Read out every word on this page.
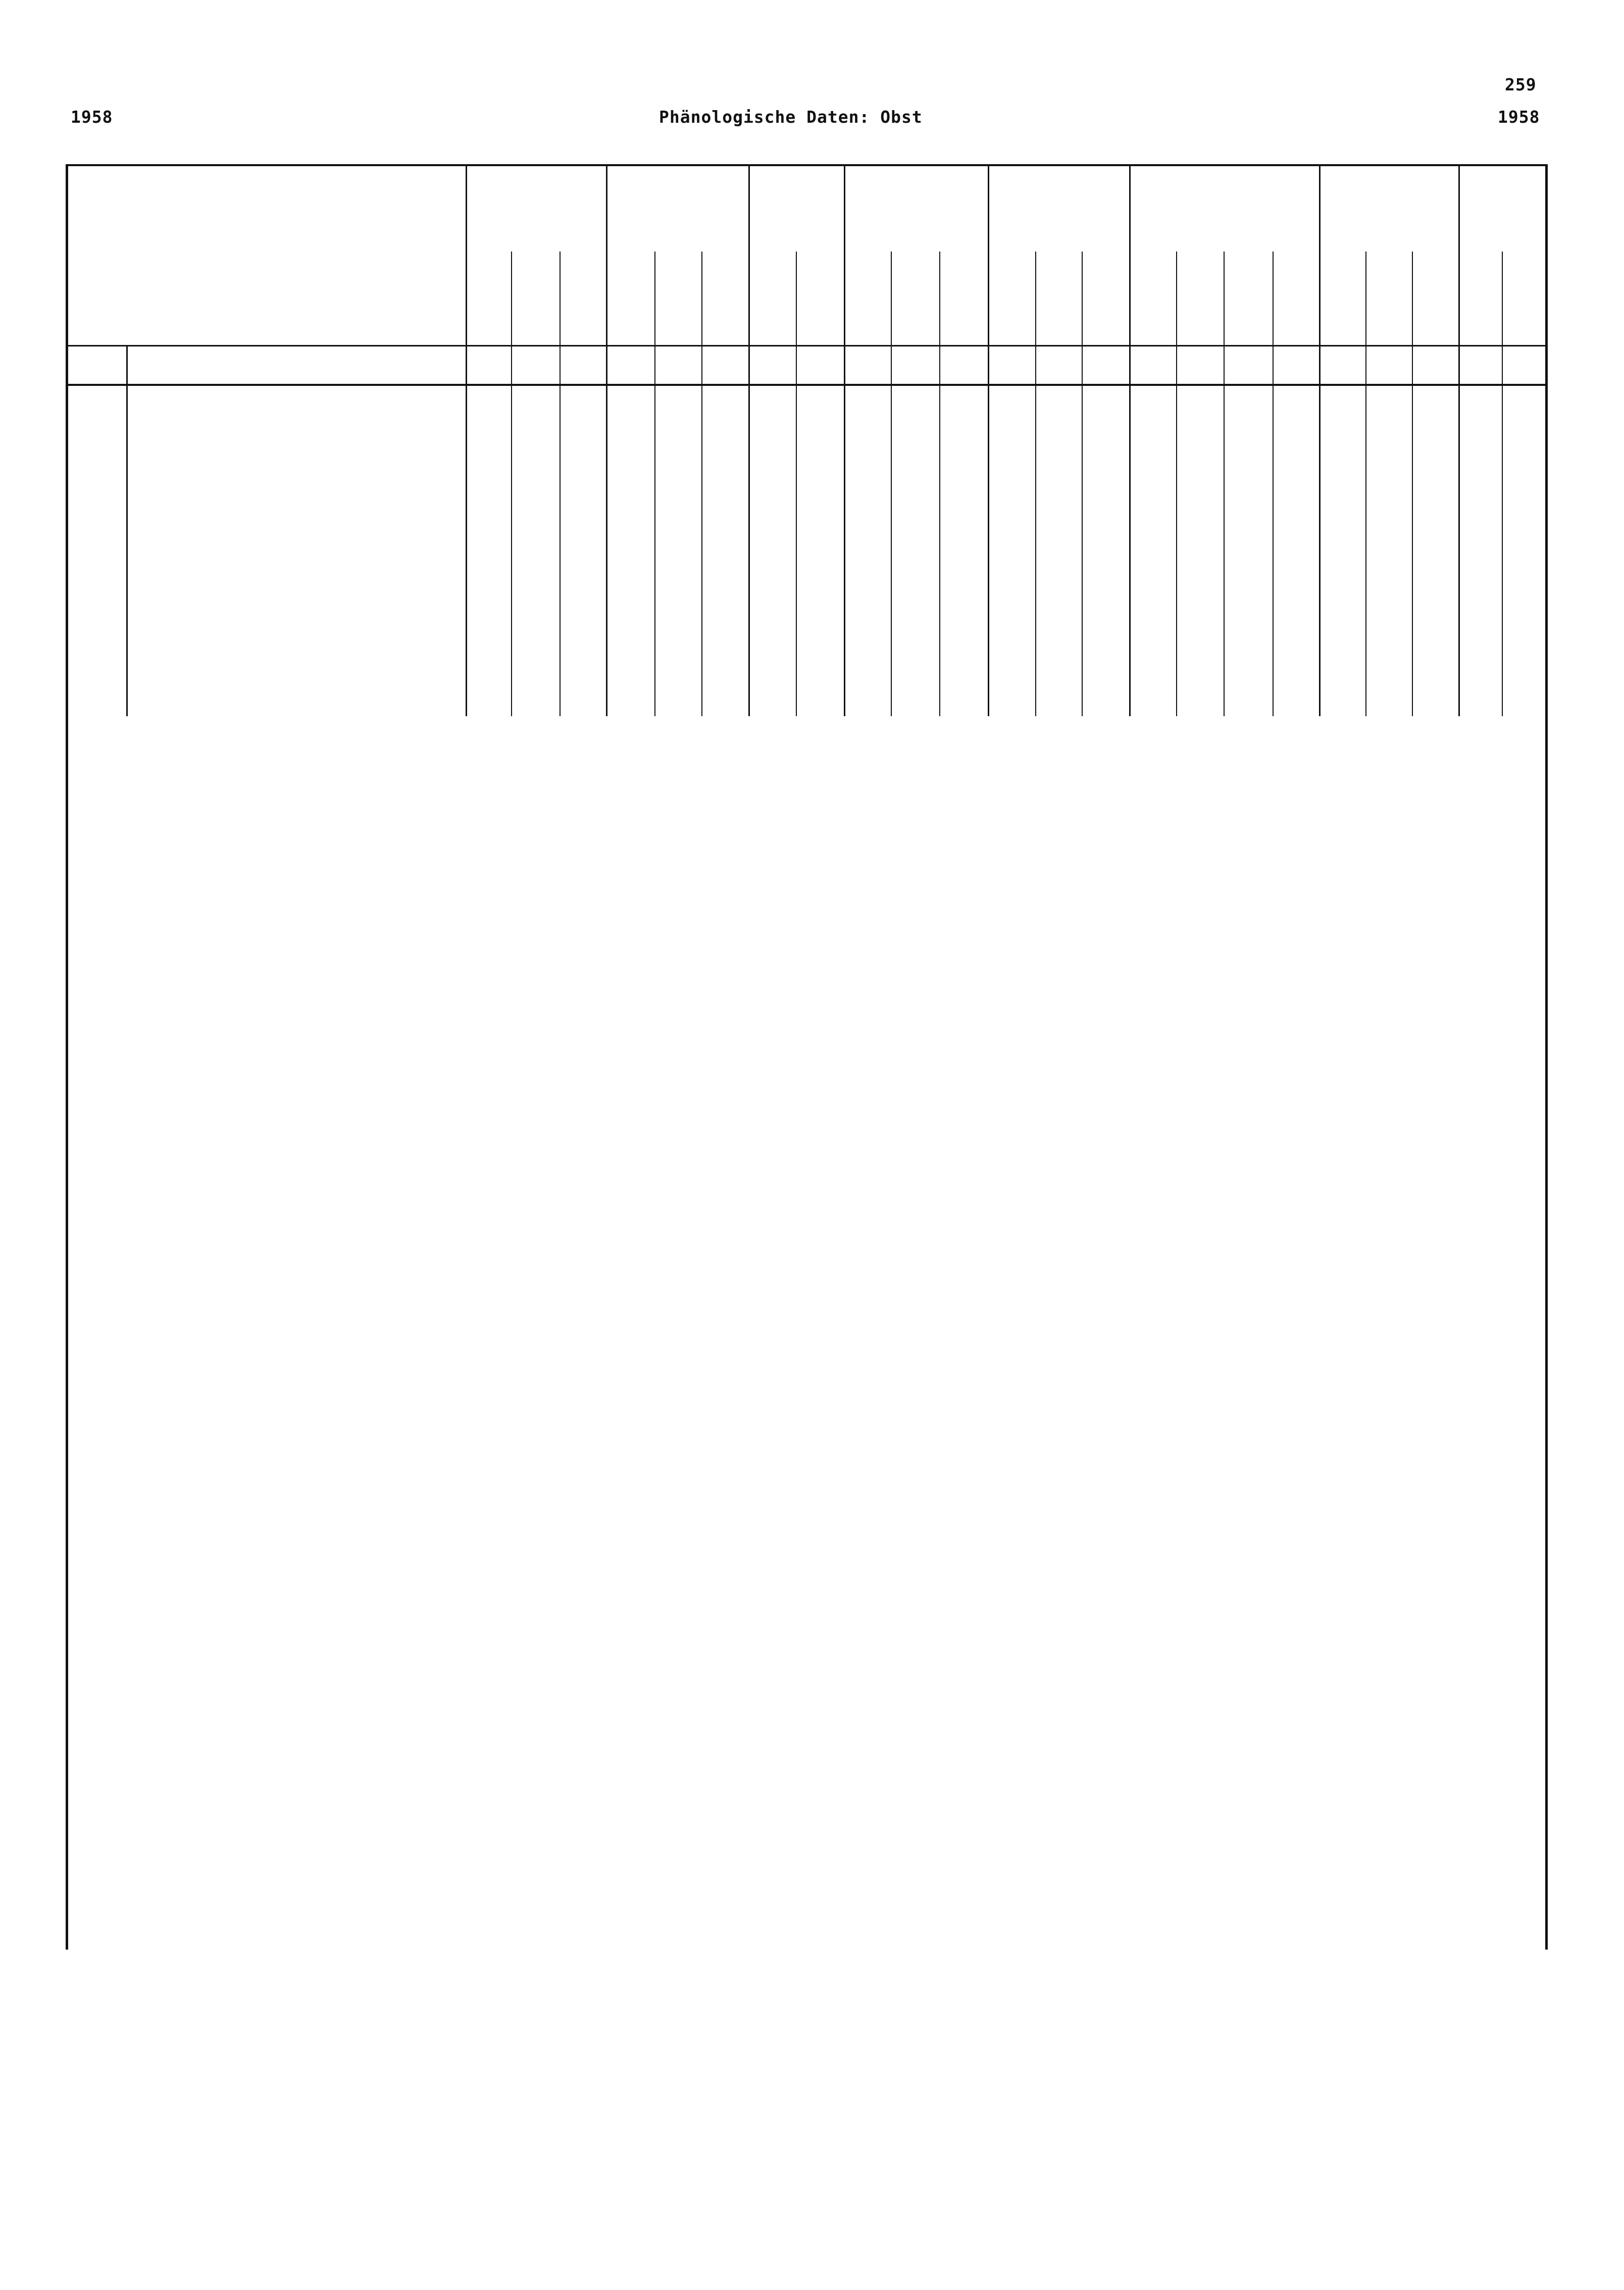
259
1958	Phänologische Daten: Obst	1958
